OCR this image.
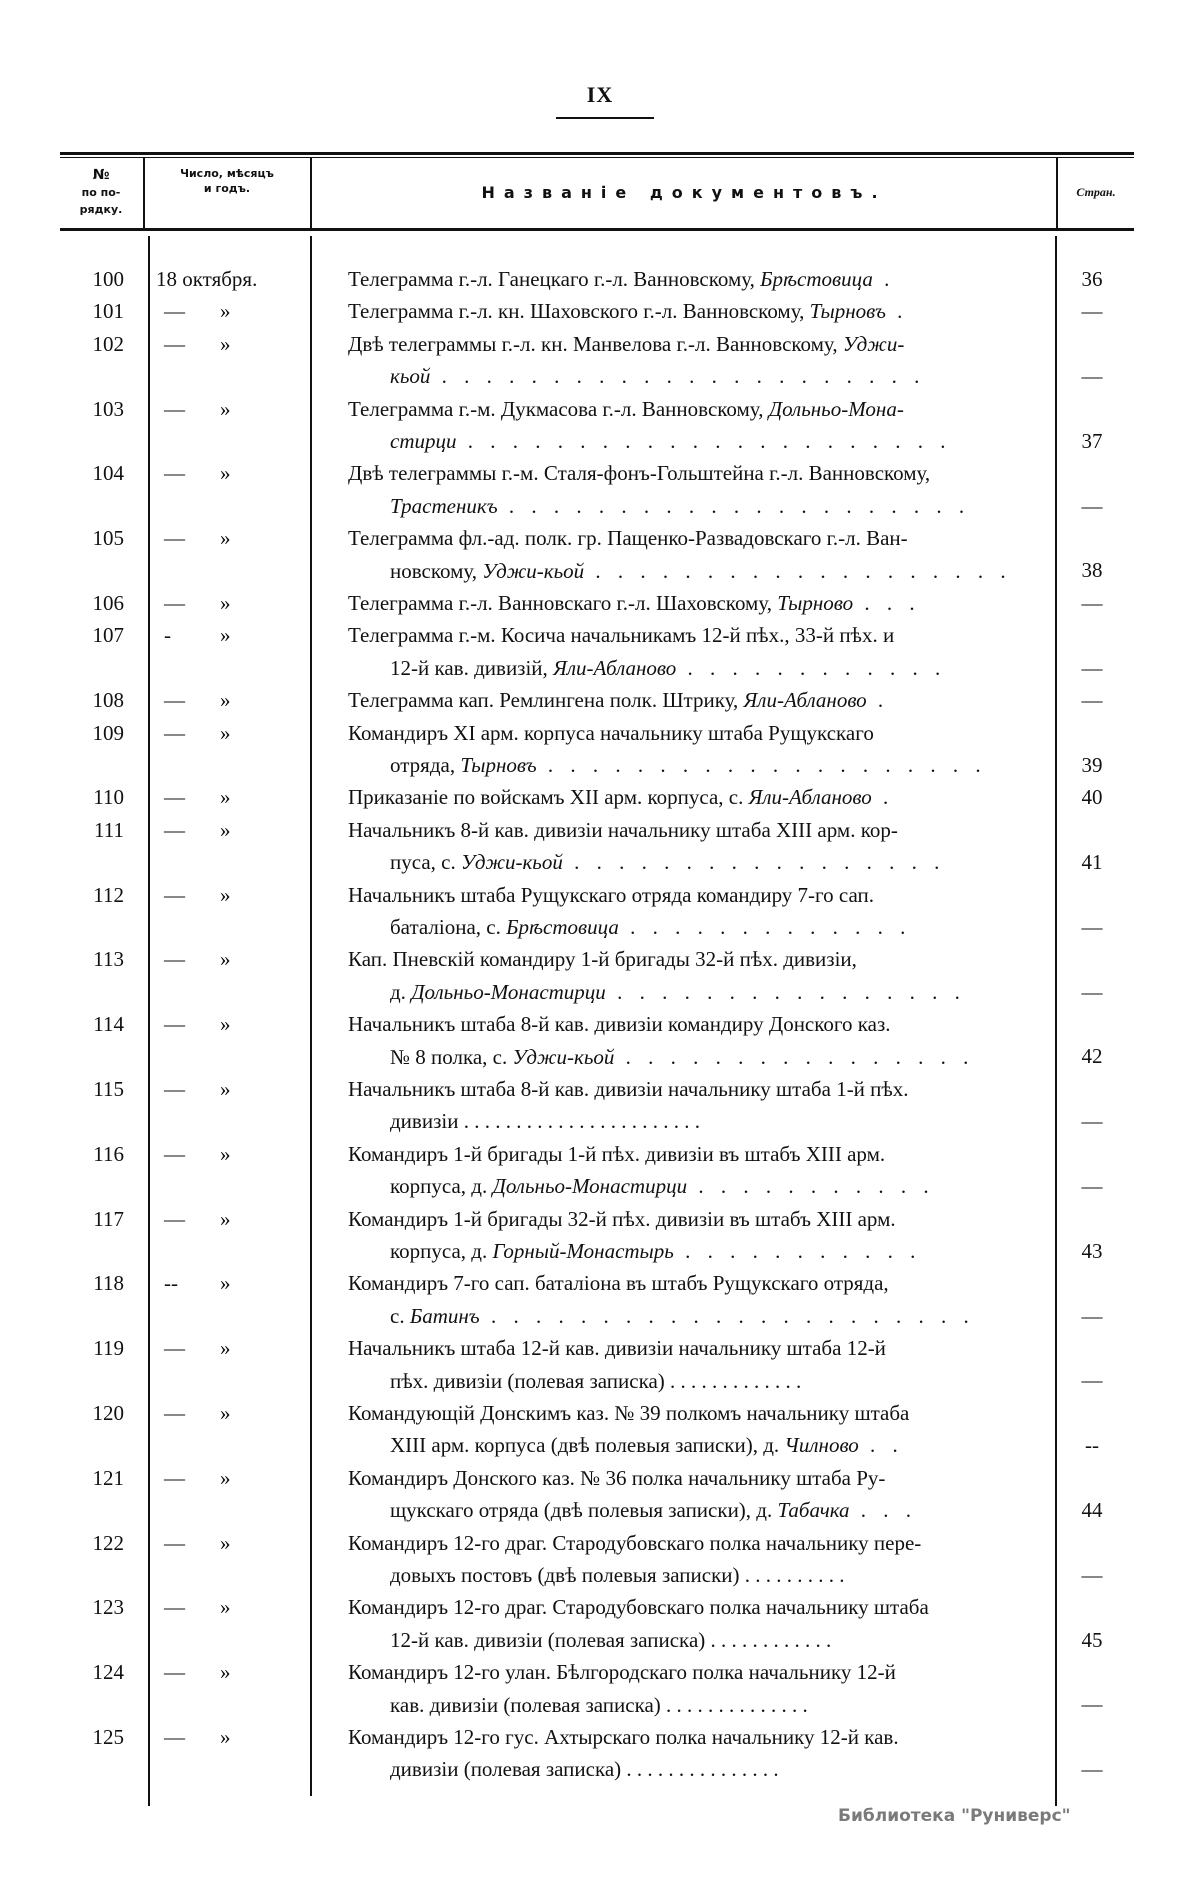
IX
№
по по-
рядку.
Число, мѣсяцъ
и годъ.	Названіе документовъ.	Стран.
100 18 октября.	Телеграмма г.-л. Ганецкаго г.-л. Ванновскому, Брѣстовица .	36
101 — »	Телеграмма г.-л. кн. Шаховского г.-л. Ванновскому, Тырновъ .	—
102 — »	Двѣ телеграммы г.-л. кн. Манвелова г.-л. Ванновскому, Уджи-
кьой . . . . . . . . . . . . . . . . . . . . . .	—
103 — »	Телеграмма г.-м. Дукмасова г.-л. Ванновскому, Дольньо-Мона-
стирци . . . . . . . . . . . . . . . . . . . . . .	37
104 — »	Двѣ телеграммы г.-м. Сталя-фонъ-Гольштейна г.-л. Ванновскому,
Трастеникъ . . . . . . . . . . . . . . . . . . . . .	—
105 — »	Телеграмма фл.-ад. полк. гр. Пащенко-Развадовскаго г.-л. Ван-
новскому, Уджи-кьой . . . . . . . . . . . . . . . . . . .	38
106 — »	Телеграмма г.-л. Ванновскаго г.-л. Шаховскому, Тырново . . .	—
107 - »	Телеграмма г.-м. Косича начальникамъ 12-й пѣх., 33-й пѣх. и
12-й кав. дивизій, Яли-Абланово . . . . . . . . . . . .	—
108 — »	Телеграмма кап. Ремлингена полк. Штрику, Яли-Абланово .	—
109 — »	Командиръ XI арм. корпуса начальнику штаба Рущукскаго
отряда, Тырновъ . . . . . . . . . . . . . . . . . . . .	39
110 — »	Приказаніе по войскамъ XII арм. корпуса, с. Яли-Абланово .	40
111 — »	Начальникъ 8-й кав. дивизіи начальнику штаба XIII арм. кор-
пуса, с. Уджи-кьой . . . . . . . . . . . . . . . . .	41
112 — »	Начальникъ штаба Рущукскаго отряда командиру 7-го сап.
баталіона, с. Брѣстовица . . . . . . . . . . . . .	—
113 — »	Кап. Пневскій командиру 1-й бригады 32-й пѣх. дивизіи,
д. Дольньо-Монастирци . . . . . . . . . . . . . . . .	—
114 — »	Начальникъ штаба 8-й кав. дивизіи командиру Донского каз.
№ 8 полка, с. Уджи-кьой . . . . . . . . . . . . . . . .	42
115 — »	Начальникъ штаба 8-й кав. дивизіи начальнику штаба 1-й пѣх.
дивизіи . . . . . . . . . . . . . . . . . . . . . . .	—
116 — »	Командиръ 1-й бригады 1-й пѣх. дивизіи въ штабъ XIII арм.
корпуса, д. Дольньо-Монастирци . . . . . . . . . . .	—
117 — »	Командиръ 1-й бригады 32-й пѣх. дивизіи въ штабъ XIII арм.
корпуса, д. Горный-Монастырь . . . . . . . . . . .	43
118 -- »	Командиръ 7-го сап. баталіона въ штабъ Рущукскаго отряда,
с. Батинъ . . . . . . . . . . . . . . . . . . . . . .	—
119 — »	Начальникъ штаба 12-й кав. дивизіи начальнику штаба 12-й
пѣх. дивизіи (полевая записка) . . . . . . . . . . . . .	—
120 — »	Командующій Донскимъ каз. № 39 полкомъ начальнику штаба
XIII арм. корпуса (двѣ полевыя записки), д. Чилново . .	--
121 — »	Командиръ Донского каз. № 36 полка начальнику штаба Ру-
щукскаго отряда (двѣ полевыя записки), д. Табачка . . .	44
122 — »	Командиръ 12-го драг. Стародубовскаго полка начальнику пере-
довыхъ постовъ (двѣ полевыя записки) . . . . . . . . . .	—
123 — »	Командиръ 12-го драг. Стародубовскаго полка начальнику штаба
12-й кав. дивизіи (полевая записка) . . . . . . . . . . . .	45
124 — »	Командиръ 12-го улан. Бѣлгородскаго полка начальнику 12-й
кав. дивизіи (полевая записка) . . . . . . . . . . . . . .	—
125 — »	Командиръ 12-го гус. Ахтырскаго полка начальнику 12-й кав.
дивизіи (полевая записка) . . . . . . . . . . . . . . .	—
Библиотека "Руниверс"
